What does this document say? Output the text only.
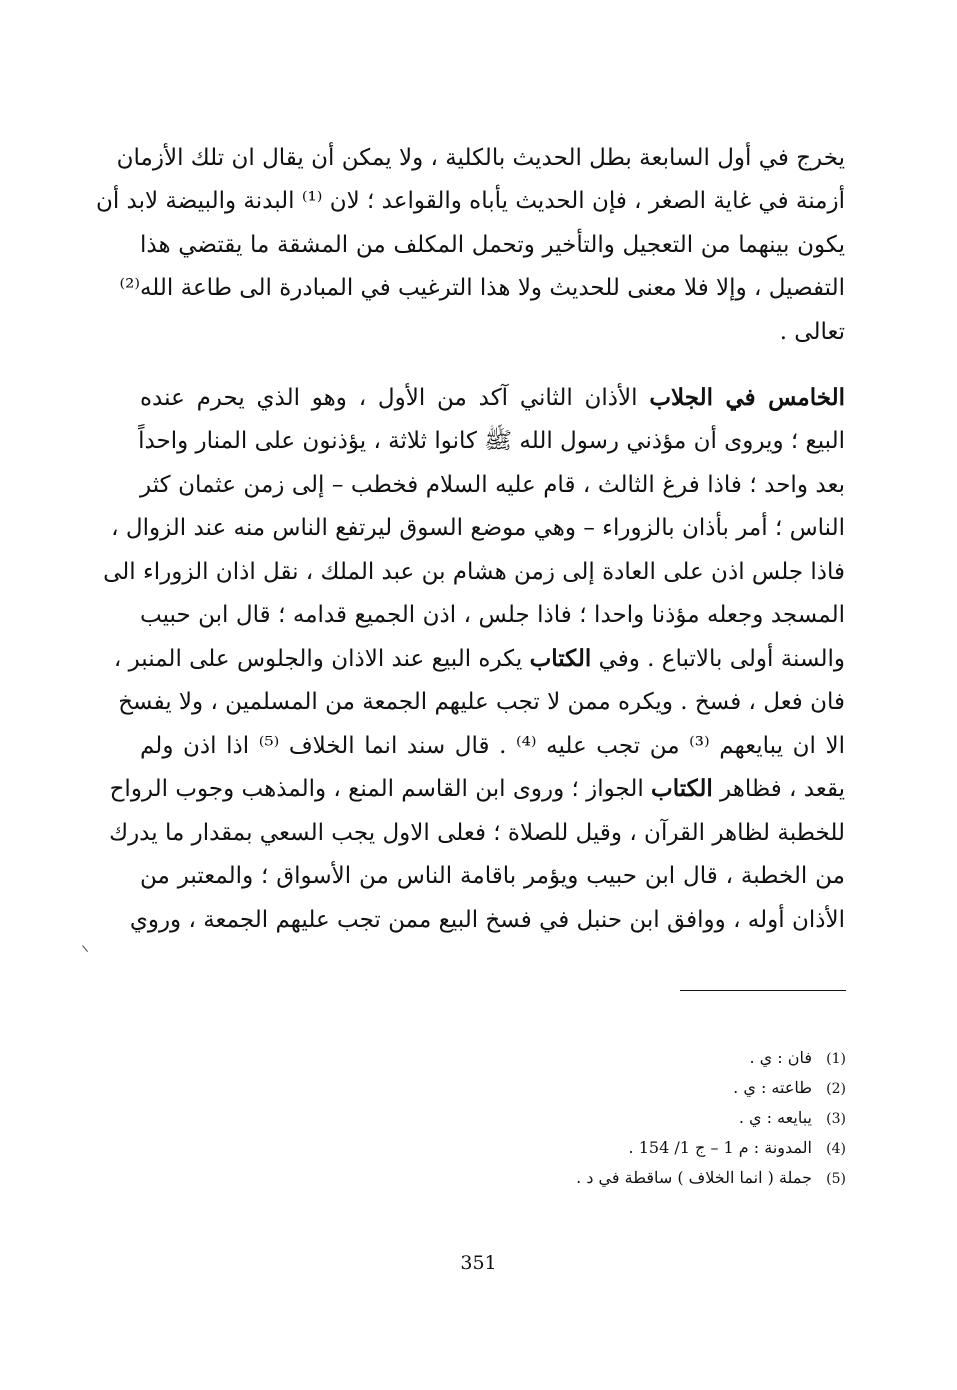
يخرج في أول السابعة بطل الحديث بالكلية ، ولا يمكن أن يقال ان تلك الأزمان
أزمنة في غاية الصغر ، فإن الحديث يأباه والقواعد ؛ لان ⁽¹⁾ البدنة والبيضة لابد أن
يكون بينهما من التعجيل والتأخير وتحمل المكلف من المشقة ما يقتضي هذا
التفصيل ، وإلا فلا معنى للحديث ولا هذا الترغيب في المبادرة الى طاعة الله⁽²⁾
تعالى .
الخامس في الجلاب الأذان الثاني آكد من الأول ، وهو الذي يحرم عنده
البيع ؛ ويروى أن مؤذني رسول الله ﷺ كانوا ثلاثة ، يؤذنون على المنار واحداً
بعد واحد ؛ فاذا فرغ الثالث ، قام عليه السلام فخطب – إلى زمن عثمان كثر
الناس ؛ أمر بأذان بالزوراء – وهي موضع السوق ليرتفع الناس منه عند الزوال ،
فاذا جلس اذن على العادة إلى زمن هشام بن عبد الملك ، نقل اذان الزوراء الى
المسجد وجعله مؤذنا واحدا ؛ فاذا جلس ، اذن الجميع قدامه ؛ قال ابن حبيب
والسنة أولى بالاتباع . وفي الكتاب يكره البيع عند الاذان والجلوس على المنبر ،
فان فعل ، فسخ . ويكره ممن لا تجب عليهم الجمعة من المسلمين ، ولا يفسخ
الا ان يبايعهم ⁽³⁾ من تجب عليه ⁽⁴⁾ . قال سند انما الخلاف ⁽⁵⁾ اذا اذن ولم
يقعد ، فظاهر الكتاب الجواز ؛ وروى ابن القاسم المنع ، والمذهب وجوب الرواح
للخطبة لظاهر القرآن ، وقيل للصلاة ؛ فعلى الاول يجب السعي بمقدار ما يدرك
من الخطبة ، قال ابن حبيب ويؤمر باقامة الناس من الأسواق ؛ والمعتبر من
الأذان أوله ، ووافق ابن حنبل في فسخ البيع ممن تجب عليهم الجمعة ، وروي
(1)فان : ي .
(2)طاعته : ي .
(3)يبايعه : ي .
(4)المدونة : م 1 – ج 1/ 154 .
(5)جملة ( انما الخلاف ) ساقطة في د .
351
